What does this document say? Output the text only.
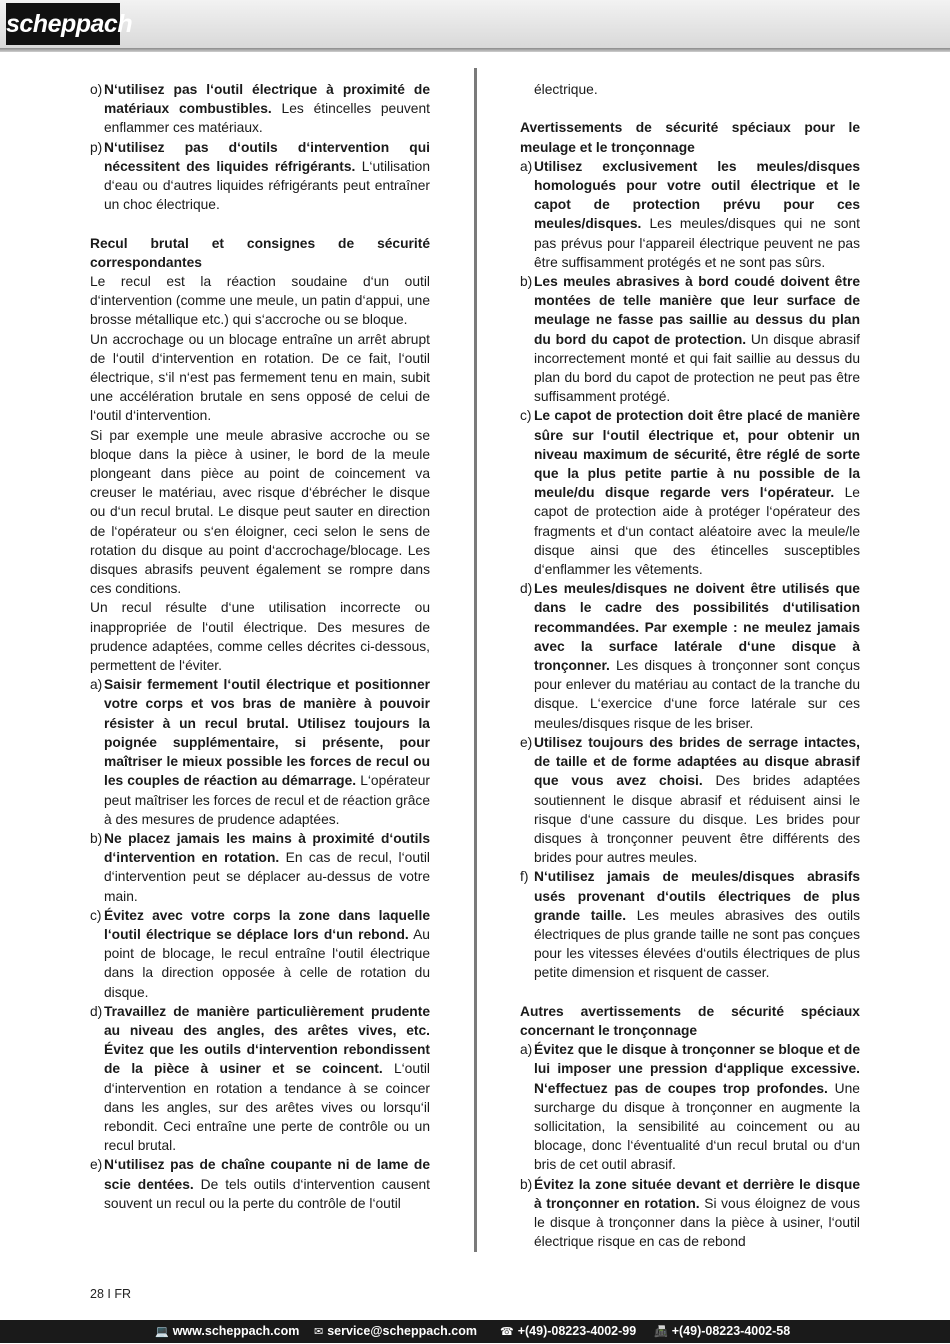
scheppach
o) N‘utilisez pas l‘outil électrique à proximité de matériaux combustibles. Les étincelles peuvent enflammer ces matériaux.
p) N‘utilisez pas d‘outils d‘intervention qui nécessitent des liquides réfrigérants. L‘utilisation d‘eau ou d‘autres liquides réfrigérants peut entraîner un choc électrique.

Recul brutal et consignes de sécurité correspondantes

Le recul est la réaction soudaine d‘un outil d‘intervention (comme une meule, un patin d‘appui, une brosse métallique etc.) qui s‘accroche ou se bloque.

Un accrochage ou un blocage entraîne un arrêt abrupt de l‘outil d‘intervention en rotation. De ce fait, l‘outil électrique, s‘il n‘est pas fermement tenu en main, subit une accélération brutale en sens opposé de celui de l‘outil d‘intervention.

Si par exemple une meule abrasive accroche ou se bloque dans la pièce à usiner, le bord de la meule plongeant dans pièce au point de coincement va creuser le matériau, avec risque d‘ébrécher le disque ou d‘un recul brutal. Le disque peut sauter en direction de l‘opérateur ou s‘en éloigner, ceci selon le sens de rotation du disque au point d‘accrochage/blocage. Les disques abrasifs peuvent également se rompre dans ces conditions.

Un recul résulte d‘une utilisation incorrecte ou inappropriée de l‘outil électrique. Des mesures de prudence adaptées, comme celles décrites ci-dessous, permettent de l‘éviter.

a) Saisir fermement l‘outil électrique et positionner votre corps et vos bras de manière à pouvoir résister à un recul brutal. Utilisez toujours la poignée supplémentaire, si présente, pour maîtriser le mieux possible les forces de recul ou les couples de réaction au démarrage. L‘opérateur peut maîtriser les forces de recul et de réaction grâce à des mesures de prudence adaptées.
b) Ne placez jamais les mains à proximité d‘outils d‘intervention en rotation. En cas de recul, l‘outil d‘intervention peut se déplacer au-dessus de votre main.
c) Évitez avec votre corps la zone dans laquelle l‘outil électrique se déplace lors d‘un rebond. Au point de blocage, le recul entraîne l‘outil électrique dans la direction opposée à celle de rotation du disque.
d) Travaillez de manière particulièrement prudente au niveau des angles, des arêtes vives, etc. Évitez que les outils d‘intervention rebondissent de la pièce à usiner et se coincent. L‘outil d‘intervention en rotation a tendance à se coincer dans les angles, sur des arêtes vives ou lorsqu‘il rebondit. Ceci entraîne une perte de contrôle ou un recul brutal.
e) N‘utilisez pas de chaîne coupante ni de lame de scie dentées. De tels outils d‘intervention causent souvent un recul ou la perte du contrôle de l‘outil

électrique.

Avertissements de sécurité spéciaux pour le meulage et le tronçonnage

a) Utilisez exclusivement les meules/disques homologués pour votre outil électrique et le capot de protection prévu pour ces meules/disques. Les meules/disques qui ne sont pas prévus pour l‘appareil électrique peuvent ne pas être suffisamment protégés et ne sont pas sûrs.
b) Les meules abrasives à bord coudé doivent être montées de telle manière que leur surface de meulage ne fasse pas saillie au dessus du plan du bord du capot de protection. Un disque abrasif incorrectement monté et qui fait saillie au dessus du plan du bord du capot de protection ne peut pas être suffisamment protégé.
c) Le capot de protection doit être placé de manière sûre sur l‘outil électrique et, pour obtenir un niveau maximum de sécurité, être réglé de sorte que la plus petite partie à nu possible de la meule/du disque regarde vers l‘opérateur. Le capot de protection aide à protéger l‘opérateur des fragments et d‘un contact aléatoire avec la meule/le disque ainsi que des étincelles susceptibles d‘enflammer les vêtements.
d) Les meules/disques ne doivent être utilisés que dans le cadre des possibilités d‘utilisation recommandées. Par exemple : ne meulez jamais avec la surface latérale d‘une disque à tronçonner. Les disques à tronçonner sont conçus pour enlever du matériau au contact de la tranche du disque. L‘exercice d‘une force latérale sur ces meules/disques risque de les briser.
e) Utilisez toujours des brides de serrage intactes, de taille et de forme adaptées au disque abrasif que vous avez choisi. Des brides adaptées soutiennent le disque abrasif et réduisent ainsi le risque d‘une cassure du disque. Les brides pour disques à tronçonner peuvent être différents des brides pour autres meules.
f) N‘utilisez jamais de meules/disques abrasifs usés provenant d‘outils électriques de plus grande taille. Les meules abrasives des outils électriques de plus grande taille ne sont pas conçues pour les vitesses élevées d‘outils électriques de plus petite dimension et risquent de casser.

Autres avertissements de sécurité spéciaux concernant le tronçonnage

a) Évitez que le disque à tronçonner se bloque et de lui imposer une pression d‘applique excessive. N‘effectuez pas de coupes trop profondes. Une surcharge du disque à tronçonner en augmente la sollicitation, la sensibilité au coincement ou au blocage, donc l‘éventualité d‘un recul brutal ou d‘un bris de cet outil abrasif.
b) Évitez la zone située devant et derrière le disque à tronçonner en rotation. Si vous éloignez de vous le disque à tronçonner dans la pièce à usiner, l‘outil électrique risque en cas de rebond
28 I FR
💻 www.scheppach.com ✉ service@scheppach.com ☎ +(49)-08223-4002-99 📠 +(49)-08223-4002-58
